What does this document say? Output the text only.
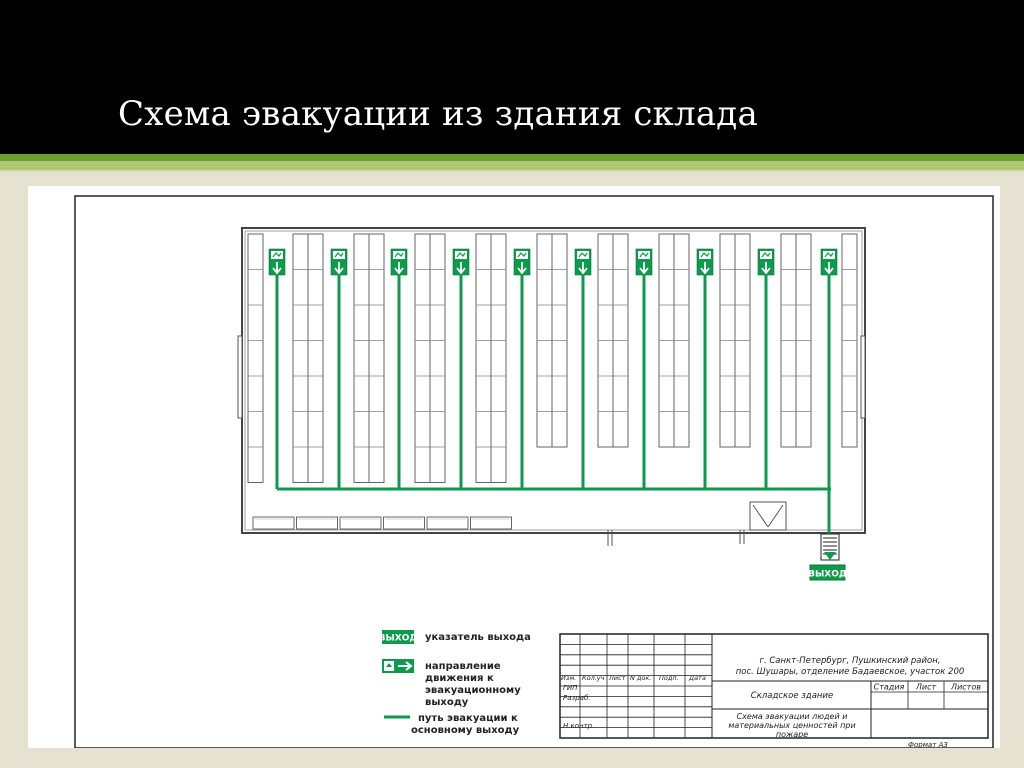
Схема эвакуации из здания склада
ВЫХОД
ВЫХОД указатель выхода
направление
движения к
эвакуационному
выходу
путь эвакуации к
основному выходу
г. Санкт-Петербург, Пушкинский район,
пос. Шушары, отделение Бадаевское, участок 200
Складское здание
Стадия Лист Листов
Схема эвакуации людей и
материальных ценностей при
пожаре
Изм. Кол.уч Лист N док. Подп. Дата
ГИП
Разраб.
Н.контр.
Формат А3
